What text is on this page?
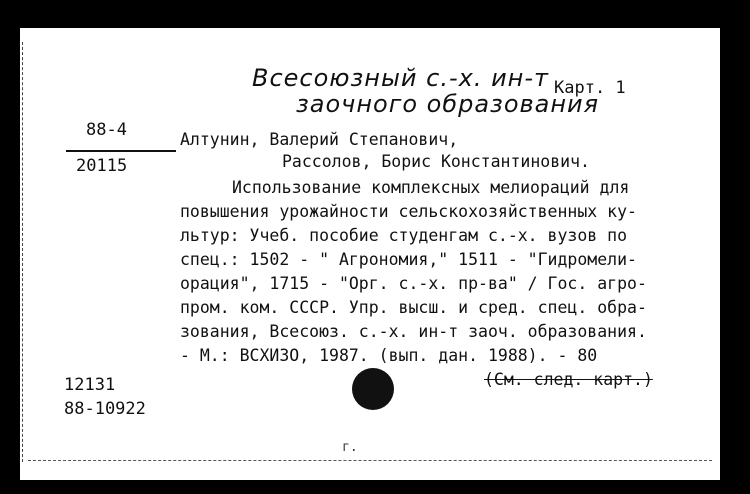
Всесоюзный с.-х. ин-т
заочного образования
Карт. 1
88-4
20115
Алтунин, Валерий Степанович,
Рассолов, Борис Константинович.
Использование комплексных мелиораций для
повышения урожайности сельскохозяйственных ку-
льтур: Учеб. пособие студенгам с.-х. вузов по
спец.: 1502 - " Агрономия," 1511 - "Гидромели-
орация", 1715 - "Орг. с.-х. пр-ва" / Гос. агро-
пром. ком. СССР. Упр. высш. и сред. спец. обра-
зования, Всесоюз. с.-х. ин-т заоч. образования.
- М.: ВСХИЗО, 1987. (вып. дан. 1988). - 80
(См. след. карт.)
12131
88-10922
г.
